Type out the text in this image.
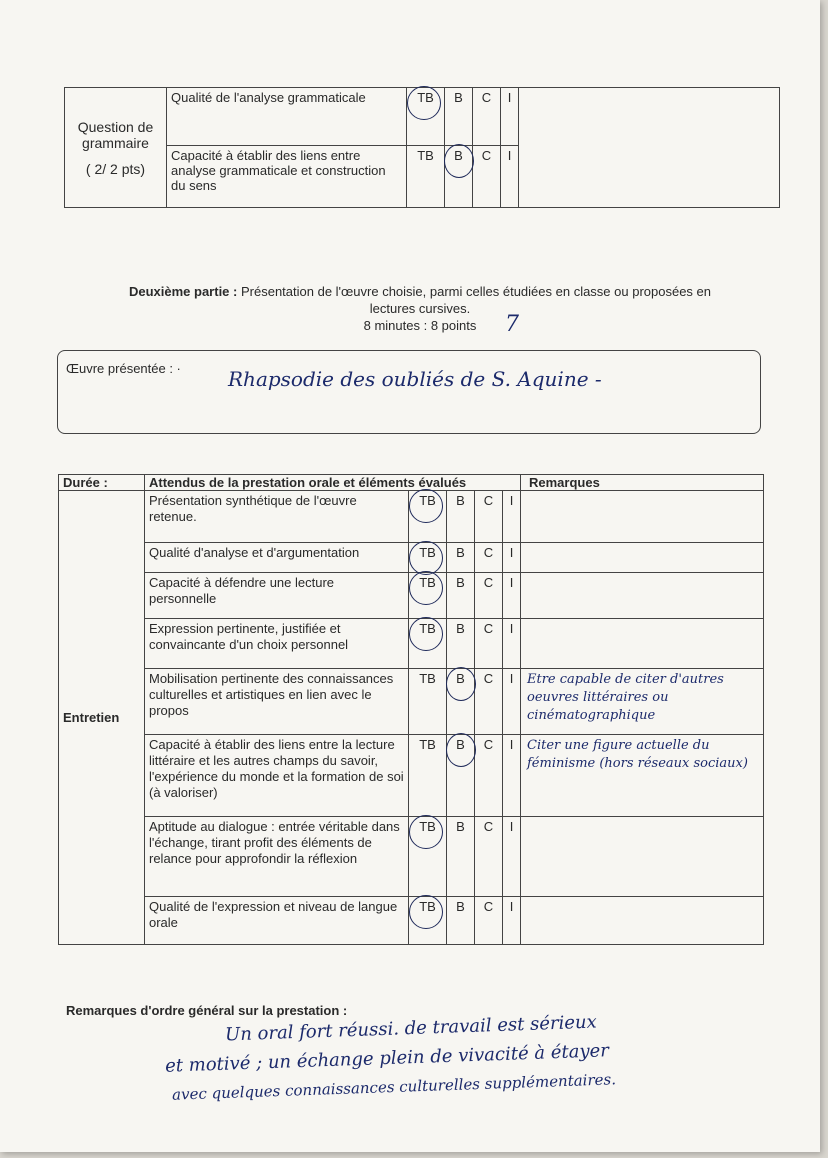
Question de grammaire
( 2/ 2 pts)	Qualité de l'analyse grammaticale	TB	B	C	I	
	Capacité à établir des liens entre analyse grammaticale et construction du sens	TB	B	C	I	
Deuxième partie : Présentation de l'œuvre choisie, parmi celles étudiées en classe ou proposées en
lectures cursives.
8 minutes : 8 points	7
Œuvre présentée : · Rhapsodie des oubliés de S. Aquine -
Durée :	Attendus de la prestation orale et éléments évalués					Remarques
Entretien	Présentation synthétique de l'œuvre retenue.	TB	B	C	I	
	Qualité d'analyse et d'argumentation	TB	B	C	I	
	Capacité à défendre une lecture personnelle	TB	B	C	I	
	Expression pertinente, justifiée et convaincante d'un choix personnel	TB	B	C	I	
	Mobilisation pertinente des connaissances culturelles et artistiques en lien avec le propos	TB	B	C	I	Etre capable de citer d'autres oeuvres littéraires ou cinématographique

	Capacité à établir des liens entre la lecture littéraire et les autres champs du savoir, l'expérience du monde et la formation de soi (à valoriser)	TB	B	C	I	Citer une figure actuelle du féminisme (hors réseaux sociaux)

	Aptitude au dialogue : entrée véritable dans l'échange, tirant profit des éléments de relance pour approfondir la réflexion	TB	B	C	I	
	Qualité de l'expression et niveau de langue orale	TB	B	C	I	
Remarques d'ordre général sur la prestation :
Un oral fort réussi. de travail est sérieux
et motivé ; un échange plein de vivacité à étayer
avec quelques connaissances culturelles supplémentaires.
